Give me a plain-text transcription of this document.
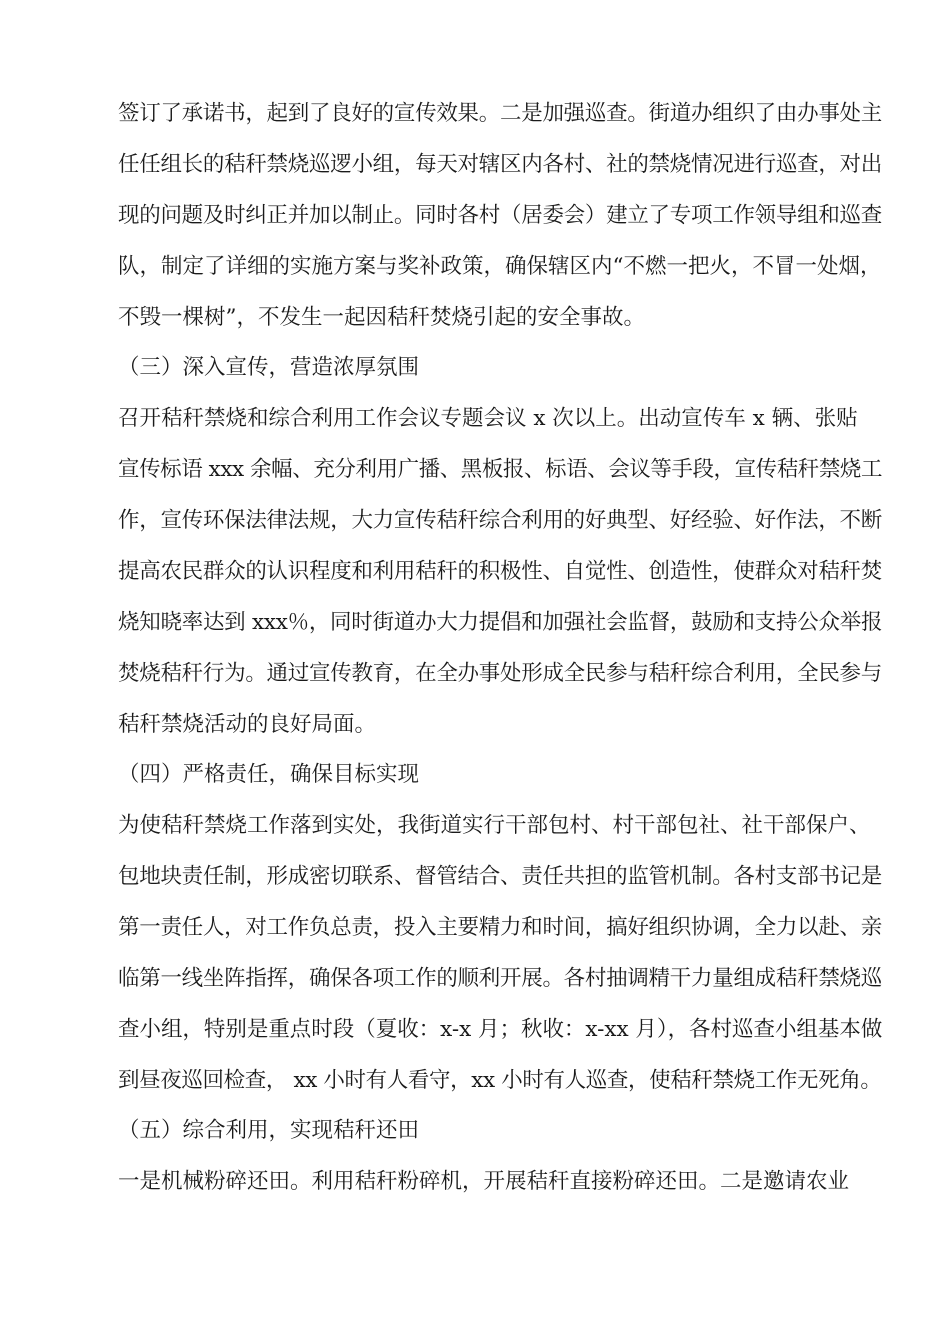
签订了承诺书，起到了良好的宣传效果。二是加强巡查。街道办组织了由办事处主
任任组长的秸秆禁烧巡逻小组，每天对辖区内各村、社的禁烧情况进行巡查，对出
现的问题及时纠正并加以制止。同时各村（居委会）建立了专项工作领导组和巡查
队，制定了详细的实施方案与奖补政策，确保辖区内“不燃一把火，不冒一处烟，
不毁一棵树”，不发生一起因秸秆焚烧引起的安全事故。
（三）深入宣传，营造浓厚氛围
召开秸秆禁烧和综合利用工作会议专题会议 x 次以上。出动宣传车 x 辆、张贴
宣传标语 xxx 余幅、充分利用广播、黑板报、标语、会议等手段，宣传秸秆禁烧工
作，宣传环保法律法规，大力宣传秸秆综合利用的好典型、好经验、好作法，不断
提高农民群众的认识程度和利用秸秆的积极性、自觉性、创造性，使群众对秸秆焚
烧知晓率达到 xxx％，同时街道办大力提倡和加强社会监督，鼓励和支持公众举报
焚烧秸秆行为。通过宣传教育，在全办事处形成全民参与秸秆综合利用，全民参与
秸秆禁烧活动的良好局面。
（四）严格责任，确保目标实现
为使秸秆禁烧工作落到实处，我街道实行干部包村、村干部包社、社干部保户、
包地块责任制，形成密切联系、督管结合、责任共担的监管机制。各村支部书记是
第一责任人，对工作负总责，投入主要精力和时间，搞好组织协调，全力以赴、亲
临第一线坐阵指挥，确保各项工作的顺利开展。各村抽调精干力量组成秸秆禁烧巡
查小组，特别是重点时段（夏收：x-x 月；秋收：x-xx 月），各村巡查小组基本做
到昼夜巡回检查， xx 小时有人看守，xx 小时有人巡查，使秸秆禁烧工作无死角。
（五）综合利用，实现秸秆还田
一是机械粉碎还田。利用秸秆粉碎机，开展秸秆直接粉碎还田。二是邀请农业
